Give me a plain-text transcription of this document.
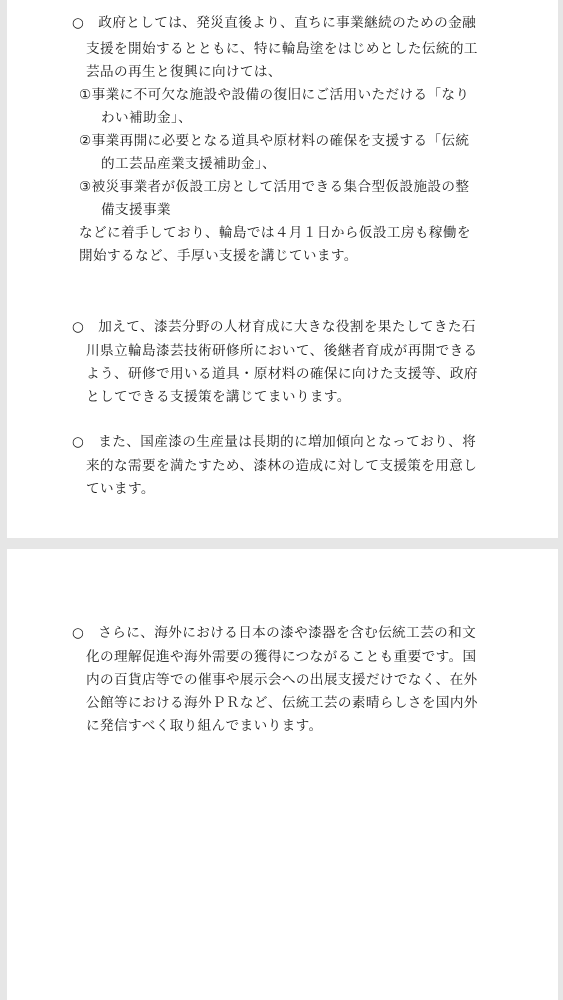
○　政府としては、発災直後より、直ちに事業継続のための金融
支援を開始するとともに、特に輪島塗をはじめとした伝統的工
芸品の再生と復興に向けては、
①事業に不可欠な施設や設備の復旧にご活用いただける「なり
わい補助金」、
②事業再開に必要となる道具や原材料の確保を支援する「伝統
的工芸品産業支援補助金」、
③被災事業者が仮設工房として活用できる集合型仮設施設の整
備支援事業
などに着手しており、輪島では４月１日から仮設工房も稼働を
開始するなど、手厚い支援を講じています。
○　加えて、漆芸分野の人材育成に大きな役割を果たしてきた石
川県立輪島漆芸技術研修所において、後継者育成が再開できる
よう、研修で用いる道具・原材料の確保に向けた支援等、政府
としてできる支援策を講じてまいります。
○　また、国産漆の生産量は長期的に増加傾向となっており、将
来的な需要を満たすため、漆林の造成に対して支援策を用意し
ています。
○　さらに、海外における日本の漆や漆器を含む伝統工芸の和文
化の理解促進や海外需要の獲得につながることも重要です。国
内の百貨店等での催事や展示会への出展支援だけでなく、在外
公館等における海外ＰＲなど、伝統工芸の素晴らしさを国内外
に発信すべく取り組んでまいります。
